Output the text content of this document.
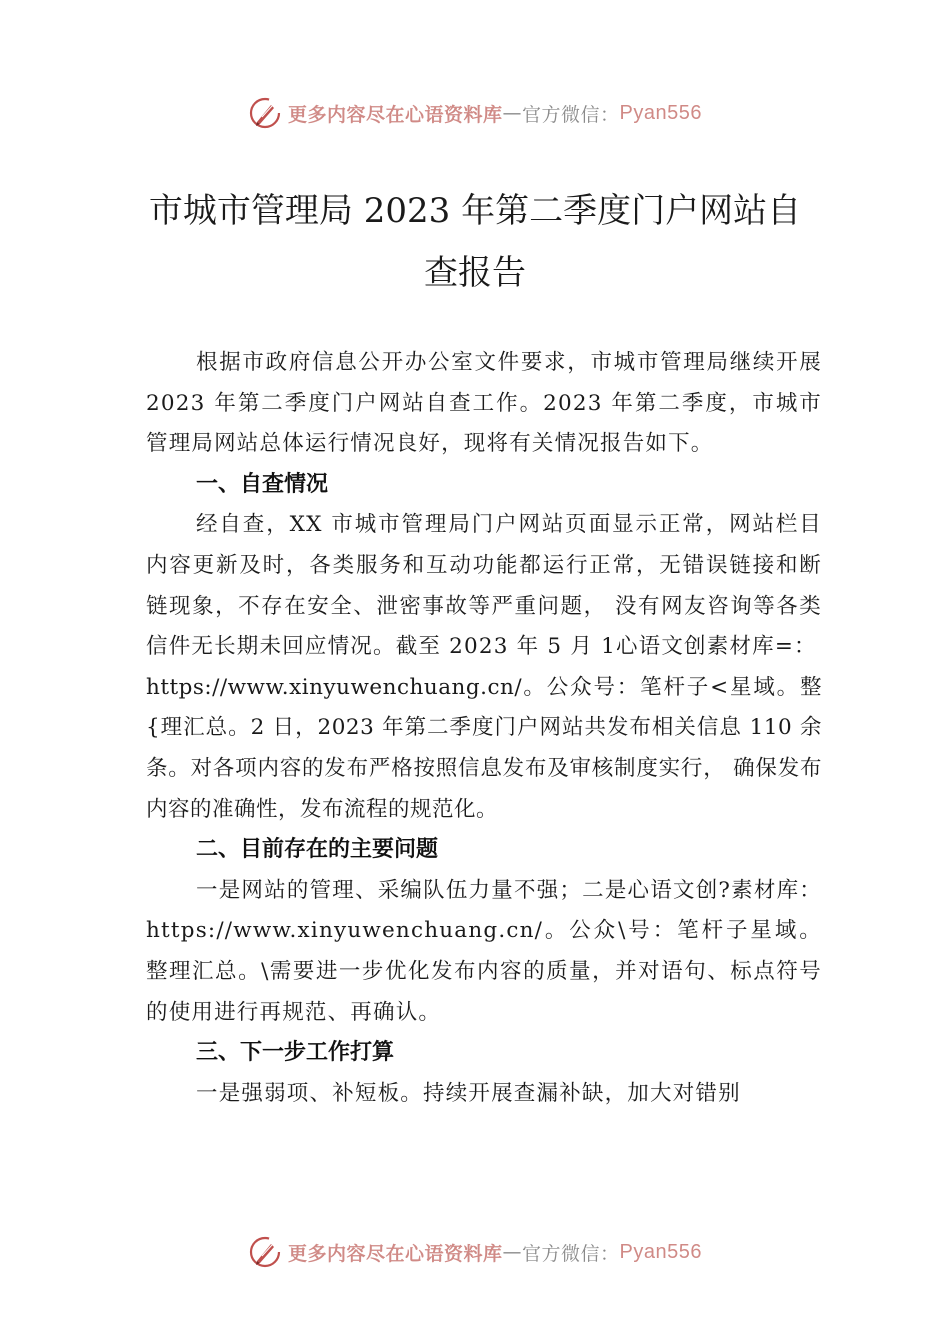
更多内容尽在心语资料库 — 官方微信： Pyan556
市城市管理局 2023 年第二季度门户网站自
查报告

根据市政府信息公开办公室文件要求，市城市管理局继续开展 2023 年第二季度门户网站自查工作。2023 年第二季度，市城市管理局网站总体运行情况良好，现将有关情况报告如下。

一、自查情况

经自查，XX 市城市管理局门户网站页面显示正常，网站栏目内容更新及时，各类服务和互动功能都运行正常，无错误链接和断链现象，不存在安全、泄密事故等严重问题， 没有网友咨询等各类信件无长期未回应情况。截至 2023 年 5 月 1心语文创素材库=：

https://www.xinyuwenchuang.cn/。公众号：笔杆子<星域。整{理汇总。2 日，2023 年第二季度门户网站共发布相关信息 110 余条。对各项内容的发布严格按照信息发布及审核制度实行， 确保发布内容的准确性，发布流程的规范化。

二、目前存在的主要问题

一是网站的管理、采编队伍力量不强；二是心语文创?素材库：https://www.xinyuwenchuang.cn/。公众\号：笔杆子星域。整理汇总。\需要进一步优化发布内容的质量，并对语句、标点符号的使用进行再规范、再确认。

三、下一步工作打算

一是强弱项、补短板。持续开展查漏补缺，加大对错别

更多内容尽在心语资料库 — 官方微信： Pyan556
